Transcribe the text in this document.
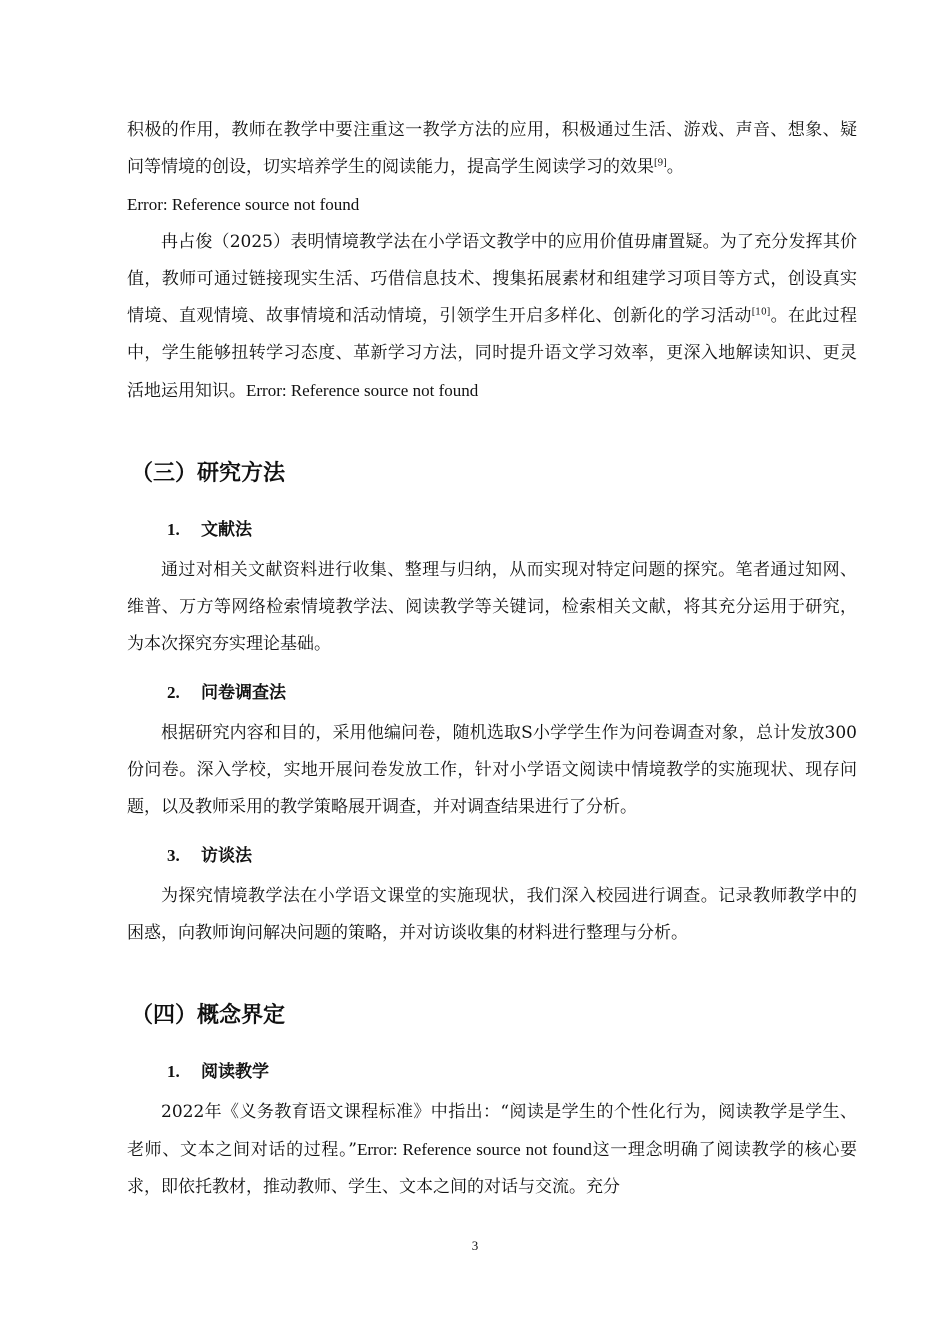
积极的作用，教师在教学中要注重这一教学方法的应用，积极通过生活、游戏、声音、想象、疑问等情境的创设，切实培养学生的阅读能力，提高学生阅读学习的效果[9]。
Error: Reference source not found

冉占俊（2025）表明情境教学法在小学语文教学中的应用价值毋庸置疑。为了充分发挥其价值，教师可通过链接现实生活、巧借信息技术、搜集拓展素材和组建学习项目等方式，创设真实情境、直观情境、故事情境和活动情境，引领学生开启多样化、创新化的学习活动[10]。在此过程中，学生能够扭转学习态度、革新学习方法，同时提升语文学习效率，更深入地解读知识、更灵活地运用知识。Error: Reference source not found

（三）研究方法
1. 文献法

通过对相关文献资料进行收集、整理与归纳，从而实现对特定问题的探究。笔者通过知网、维普、万方等网络检索情境教学法、阅读教学等关键词，检索相关文献，将其充分运用于研究，为本次探究夯实理论基础。

2. 问卷调查法

根据研究内容和目的，采用他编问卷，随机选取S小学学生作为问卷调查对象，总计发放300份问卷。深入学校，实地开展问卷发放工作，针对小学语文阅读中情境教学的实施现状、现存问题，以及教师采用的教学策略展开调查，并对调查结果进行了分析。

3. 访谈法

为探究情境教学法在小学语文课堂的实施现状，我们深入校园进行调查。记录教师教学中的困惑，向教师询问解决问题的策略，并对访谈收集的材料进行整理与分析。

（四）概念界定
1. 阅读教学

2022年《义务教育语文课程标准》中指出：“阅读是学生的个性化行为，阅读教学是学生、老师、文本之间对话的过程。”Error: Reference source not found这一理念明确了阅读教学的核心要求，即依托教材，推动教师、学生、文本之间的对话与交流。充分

3
